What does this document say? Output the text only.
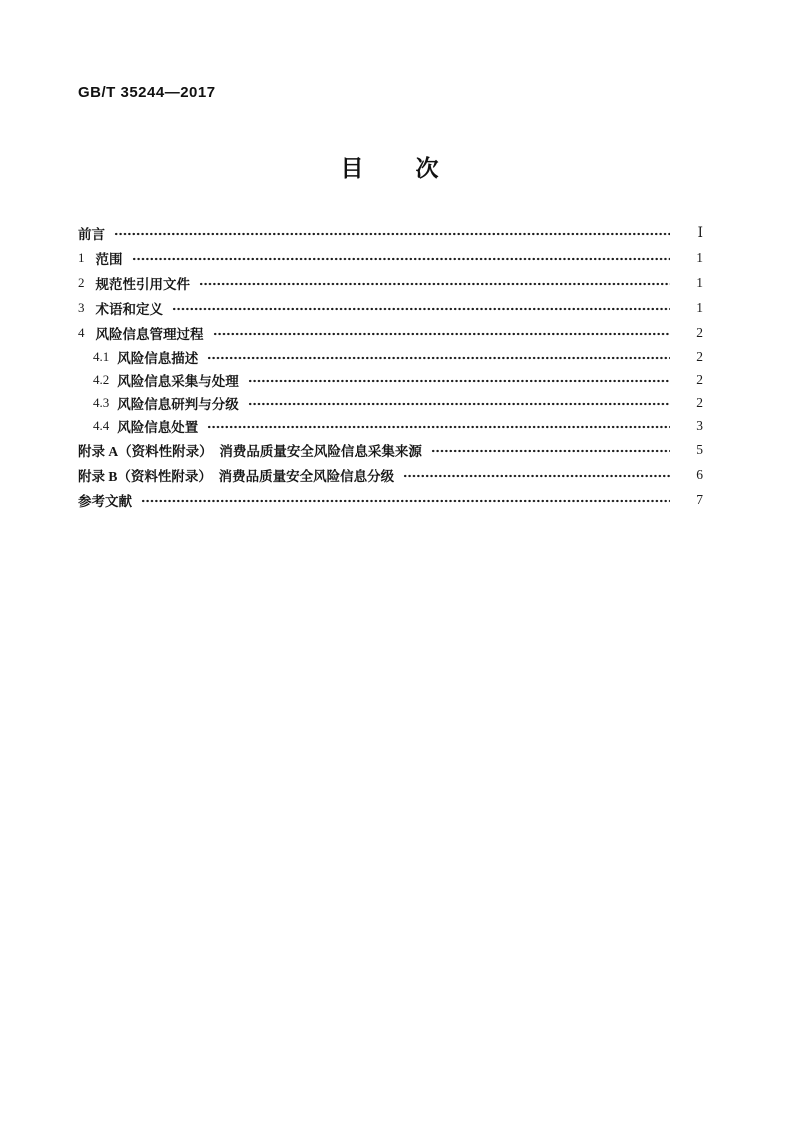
GB/T 35244—2017
目　　次
前言	Ⅰ
1 范围	1
2 规范性引用文件	1
3 术语和定义	1
4 风险信息管理过程	2
4.1 风险信息描述	2
4.2 风险信息采集与处理	2
4.3 风险信息研判与分级	2
4.4 风险信息处置	3
附录 A（资料性附录）　消费品质量安全风险信息采集来源	5
附录 B（资料性附录）　消费品质量安全风险信息分级	6
参考文献	7
